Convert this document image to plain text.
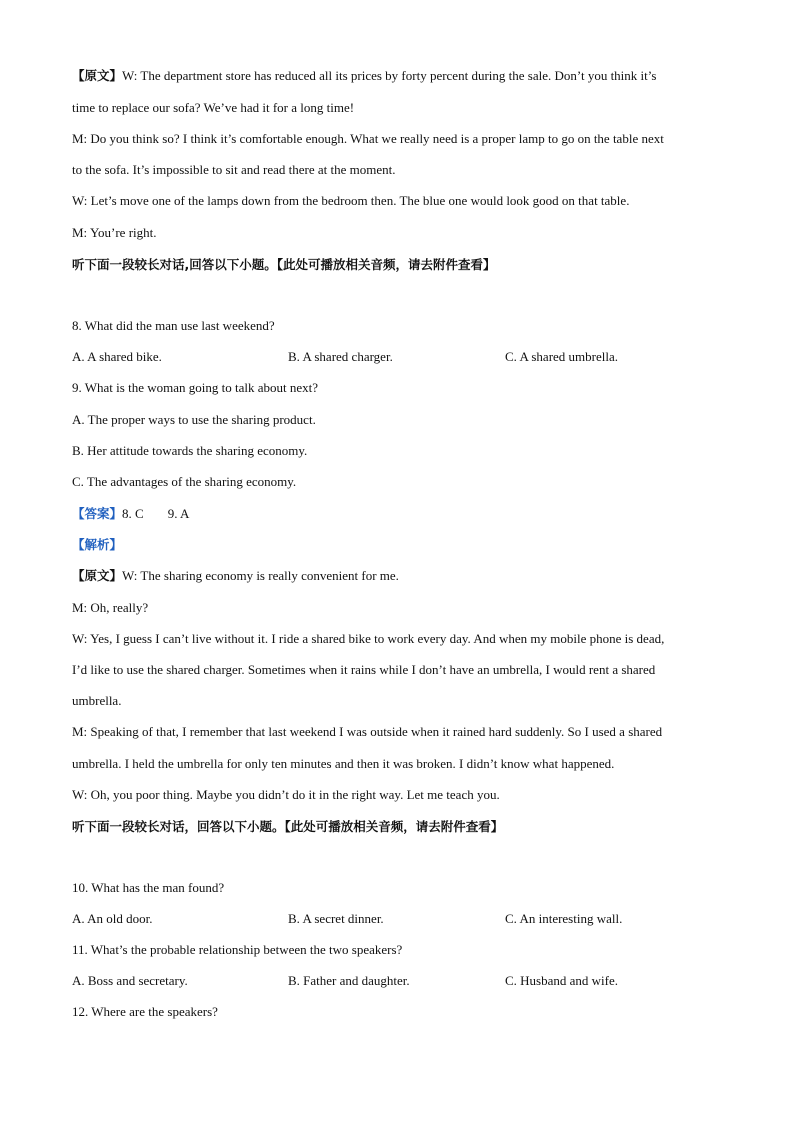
【原文】W: The department store has reduced all its prices by forty percent during the sale. Don’t you think it’s
time to replace our sofa? We’ve had it for a long time!
M: Do you think so? I think it’s comfortable enough. What we really need is a proper lamp to go on the table next
to the sofa. It’s impossible to sit and read there at the moment.
W: Let’s move one of the lamps down from the bedroom then. The blue one would look good on that table.
M: You’re right.
听下面一段较长对话,回答以下小题。【此处可播放相关音频，请去附件查看】
8. What did the man use last weekend?
A. A shared bike.	B. A shared charger.	C. A shared umbrella.
9. What is the woman going to talk about next?
A. The proper ways to use the sharing product.
B. Her attitude towards the sharing economy.
C. The advantages of the sharing economy.
【答案】8. C 9. A
【解析】
【原文】W: The sharing economy is really convenient for me.
M: Oh, really?
W: Yes, I guess I can’t live without it. I ride a shared bike to work every day. And when my mobile phone is dead,
I’d like to use the shared charger. Sometimes when it rains while I don’t have an umbrella, I would rent a shared
umbrella.
M: Speaking of that, I remember that last weekend I was outside when it rained hard suddenly. So I used a shared
umbrella. I held the umbrella for only ten minutes and then it was broken. I didn’t know what happened.
W: Oh, you poor thing. Maybe you didn’t do it in the right way. Let me teach you.
听下面一段较长对话，回答以下小题。【此处可播放相关音频，请去附件查看】
10. What has the man found?
A. An old door.	B. A secret dinner.	C. An interesting wall.
11. What’s the probable relationship between the two speakers?
A. Boss and secretary.	B. Father and daughter.	C. Husband and wife.
12. Where are the speakers?
